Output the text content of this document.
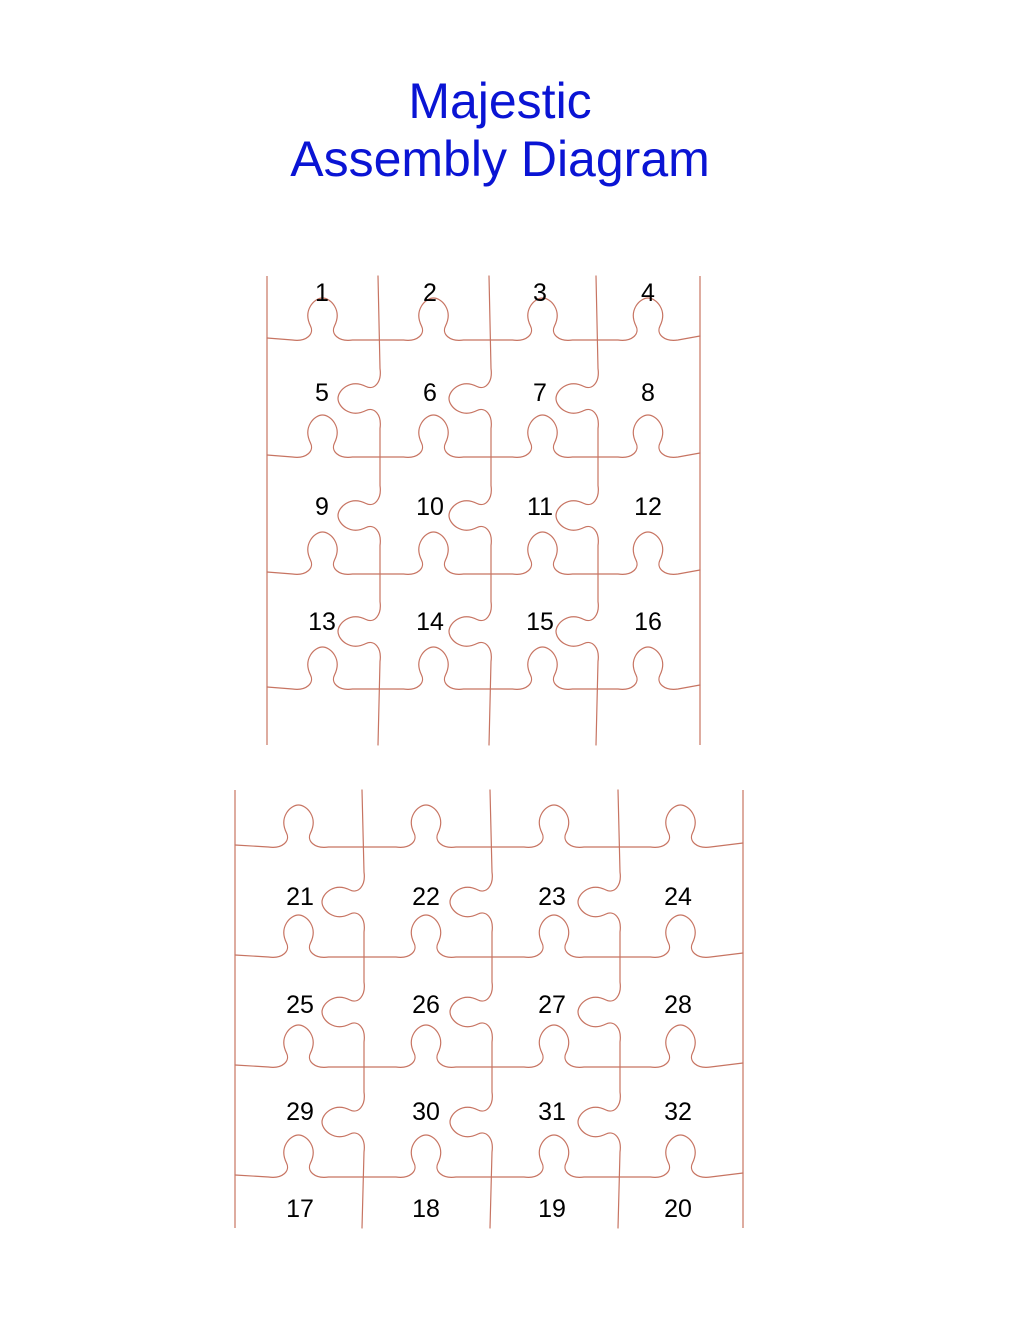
Majestic
Assembly Diagram
1	2	3	4
5	6	7	8
9	10	11	12
13	14	15	16
21	22	23	24
25	26	27	28
29	30	31	32
17	18	19	20
